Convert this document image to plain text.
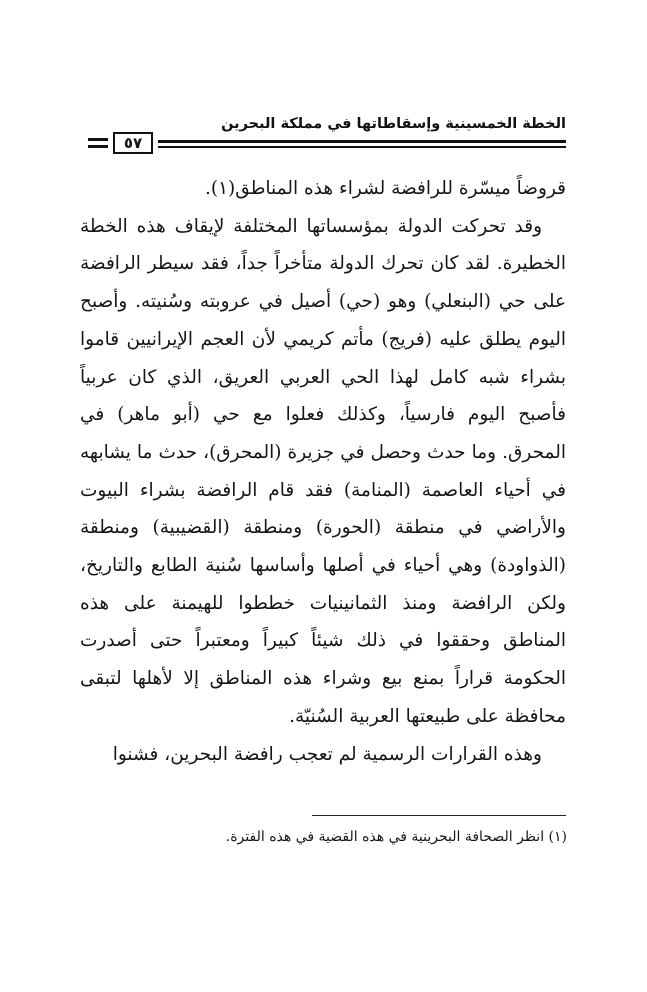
الخطة الخمسينية وإسقاطاتها في مملكة البحرين
٥٧

قروضاً ميسّرة للرافضة لشراء هذه المناطق(١).

وقد تحركت الدولة بمؤسساتها المختلفة لإيقاف هذه الخطة الخطيرة. لقد كان تحرك الدولة متأخراً جداً، فقد سيطر الرافضة على حي (البنعلي) وهو (حي) أصيل في عروبته وسُنيته. وأصبح اليوم يطلق عليه (فريج) مأتم كريمي لأن العجم الإيرانيين قاموا بشراء شبه كامل لهذا الحي العربي العريق، الذي كان عربياً فأصبح اليوم فارسياً، وكذلك فعلوا مع حي (أبو ماهر) في المحرق. وما حدث وحصل في جزيرة (المحرق)، حدث ما يشابهه في أحياء العاصمة (المنامة) فقد قام الرافضة بشراء البيوت والأراضي في منطقة (الحورة) ومنطقة (القضيبية) ومنطقة (الذواودة) وهي أحياء في أصلها وأساسها سُنية الطابع والتاريخ، ولكن الرافضة ومنذ الثمانينيات خططوا للهيمنة على هذه المناطق وحققوا في ذلك شيئاً كبيراً ومعتبراً حتى أصدرت الحكومة قراراً بمنع بيع وشراء هذه المناطق إلا لأهلها لتبقى محافظة على طبيعتها العربية السُنيّة.

وهذه القرارات الرسمية لم تعجب رافضة البحرين، فشنوا

(١) انظر الصحافة البحرينية في هذه القضية في هذه الفترة.
